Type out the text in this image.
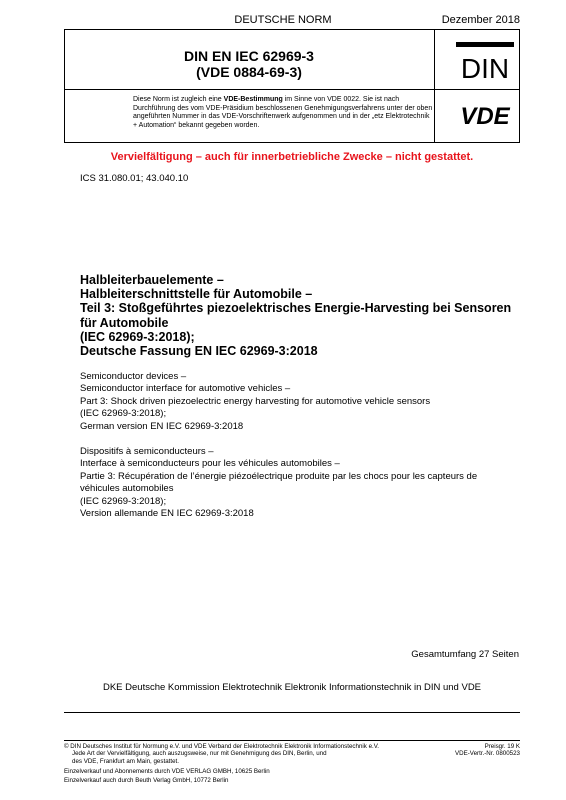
DEUTSCHE NORM	Dezember 2018
DIN EN IEC 62969-3
(VDE 0884-69-3)	DIN
Diese Norm ist zugleich eine VDE-Bestimmung im Sinne von VDE 0022. Sie ist nach Durchführung des vom VDE-Präsidium beschlossenen Genehmigungsverfahrens unter der oben angeführten Nummer in das VDE-Vorschriftenwerk aufgenommen und in der „etz Elektrotechnik + Automation“ bekannt gegeben worden.	VDE
Vervielfältigung – auch für innerbetriebliche Zwecke – nicht gestattet.
ICS 31.080.01; 43.040.10
Halbleiterbauelemente –
Halbleiterschnittstelle für Automobile –
Teil 3: Stoßgeführtes piezoelektrisches Energie-Harvesting bei Sensoren
für Automobile
(IEC 62969-3:2018);
Deutsche Fassung EN IEC 62969-3:2018
Semiconductor devices –
Semiconductor interface for automotive vehicles –
Part 3: Shock driven piezoelectric energy harvesting for automotive vehicle sensors
(IEC 62969-3:2018);
German version EN IEC 62969-3:2018
Dispositifs à semiconducteurs –
Interface à semiconducteurs pour les véhicules automobiles –
Partie 3: Récupération de l’énergie piézoélectrique produite par les chocs pour les capteurs de
véhicules automobiles
(IEC 62969-3:2018);
Version allemande EN IEC 62969-3:2018
Gesamtumfang 27 Seiten
DKE Deutsche Kommission Elektrotechnik Elektronik Informationstechnik in DIN und VDE
© DIN Deutsches Institut für Normung e.V. und VDE Verband der Elektrotechnik Elektronik Informationstechnik e.V.
Jede Art der Vervielfältigung, auch auszugsweise, nur mit Genehmigung des DIN, Berlin, und
des VDE, Frankfurt am Main, gestattet.
Preisgr. 19 K
VDE-Vertr.-Nr. 0800523
Einzelverkauf und Abonnements durch VDE VERLAG GMBH, 10625 Berlin
Einzelverkauf auch durch Beuth Verlag GmbH, 10772 Berlin
